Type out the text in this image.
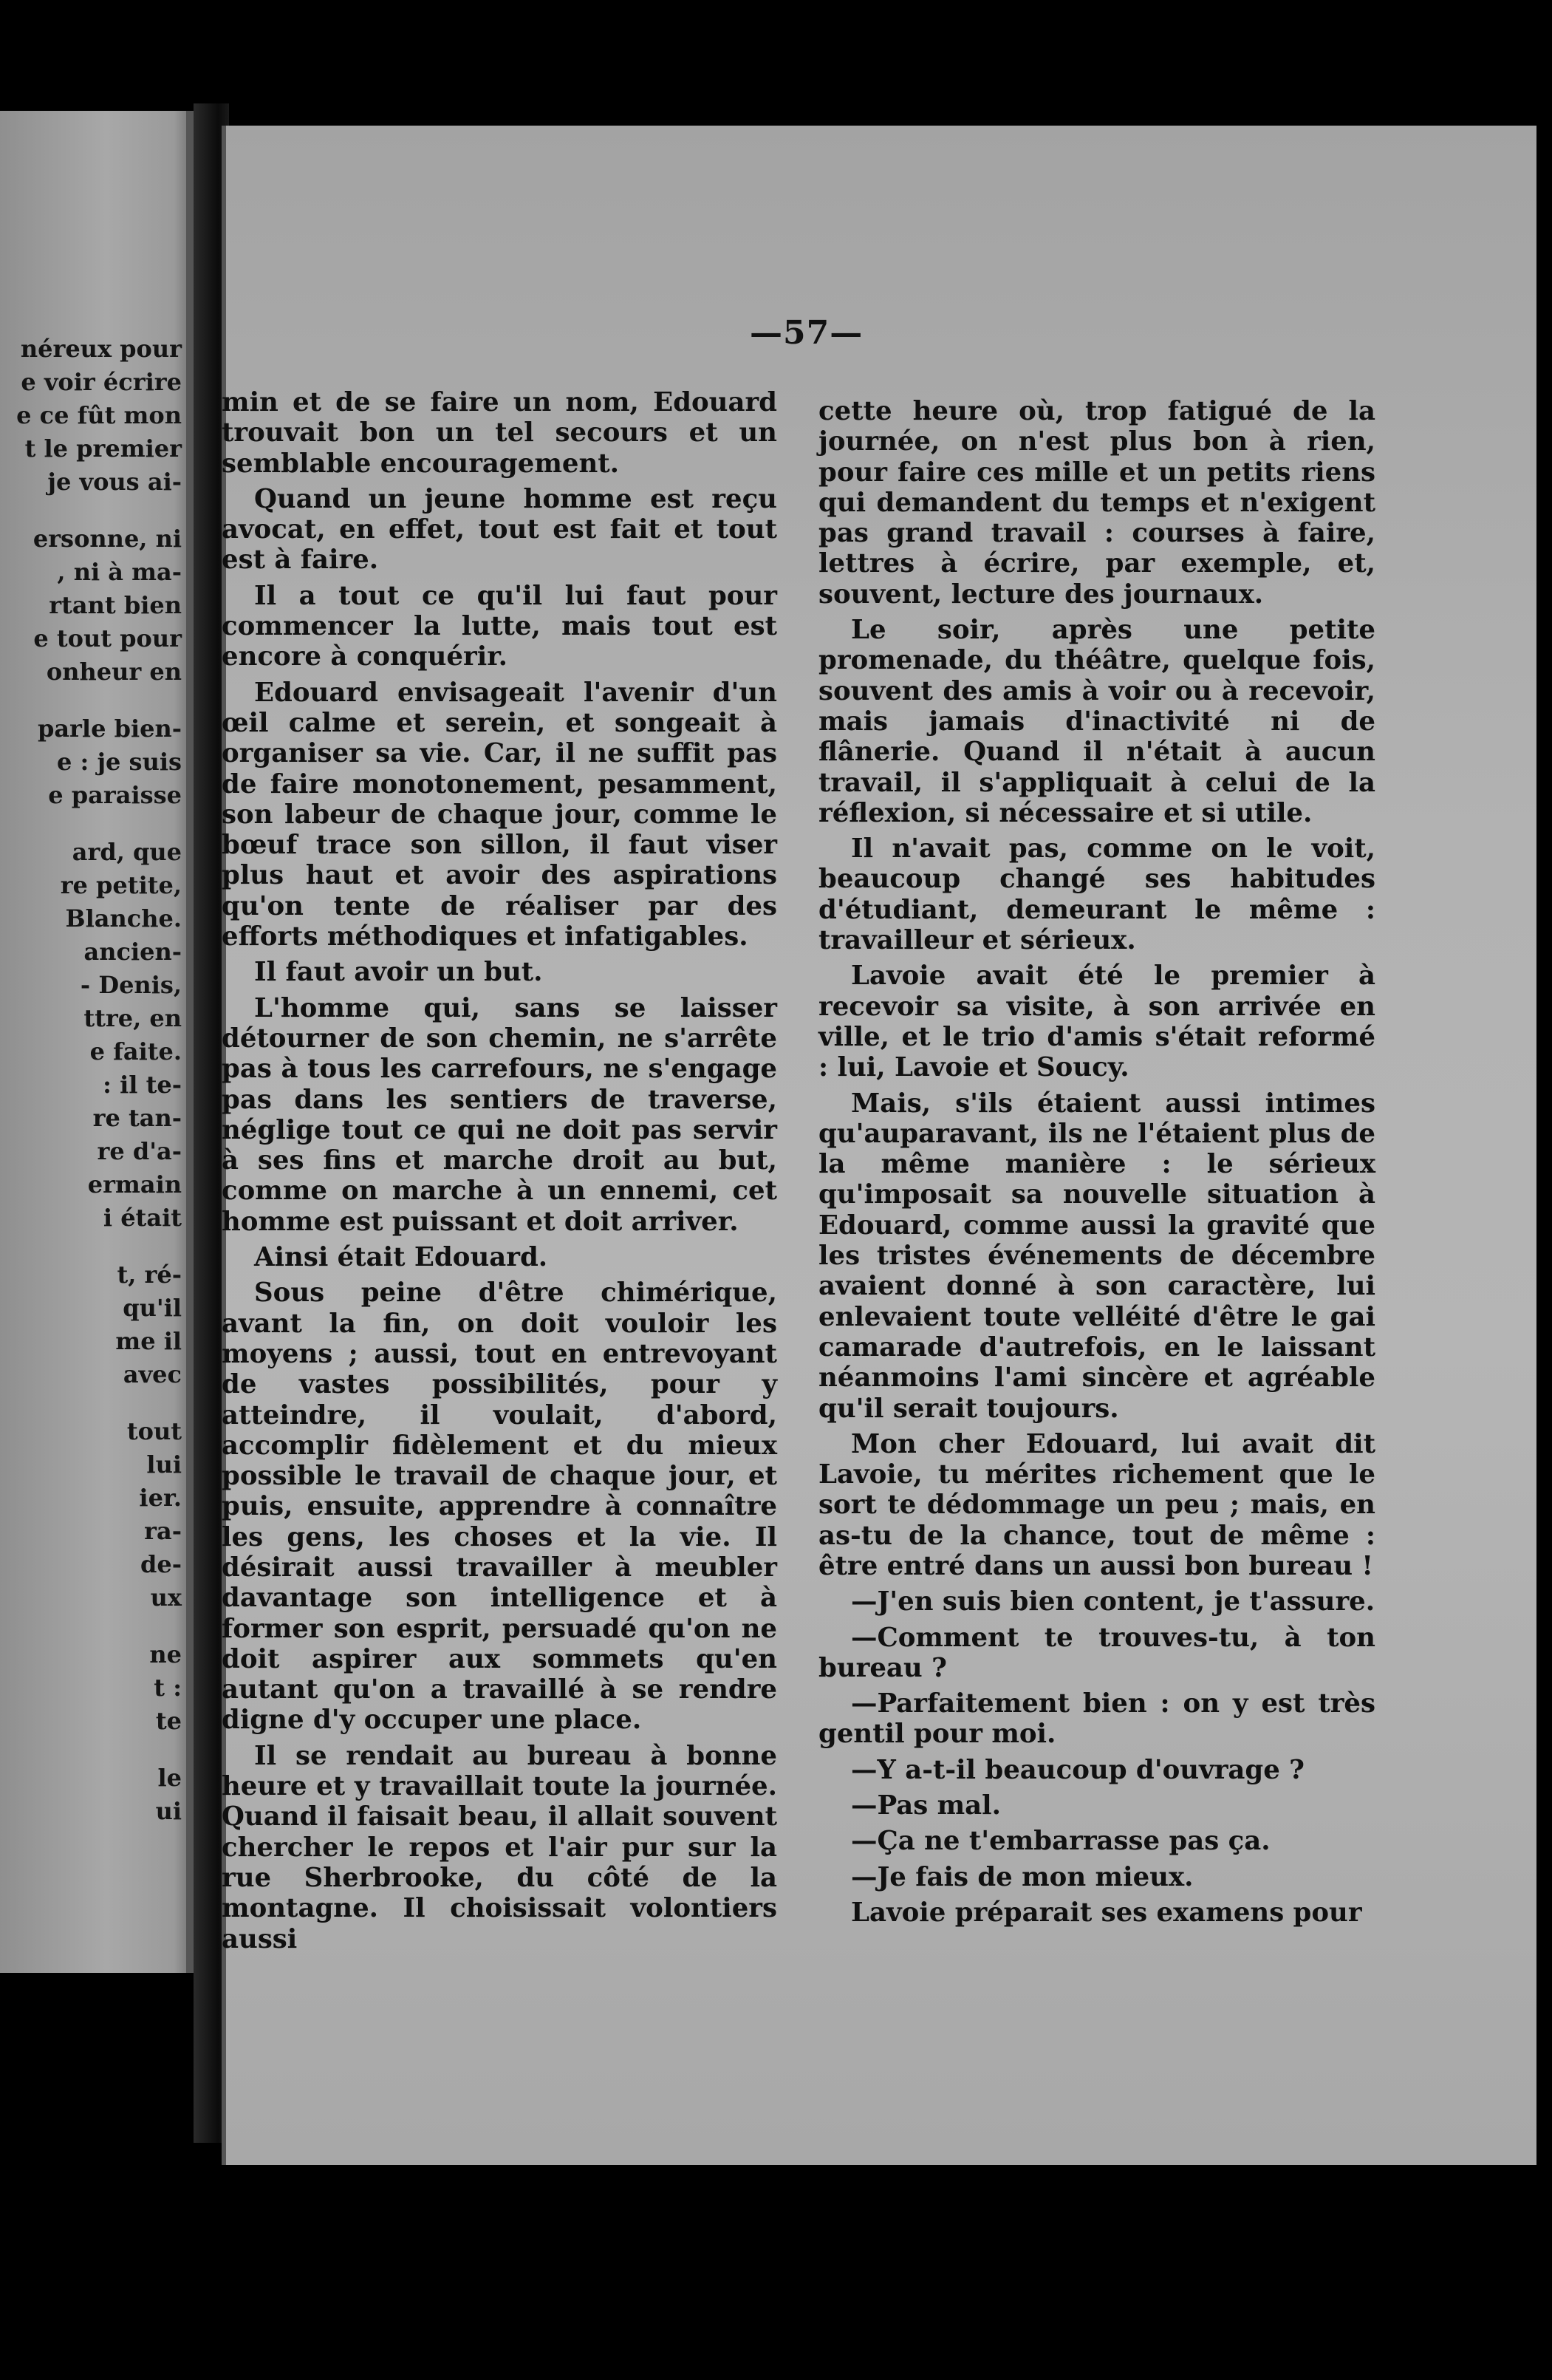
néreux pour
e voir écrire
e ce fût mon
t le premier
je vous ai-
ersonne, ni
, ni à ma-
rtant bien
e tout pour
onheur en
parle bien-
e : je suis
e paraisse
ard, que
re petite,
Blanche.
ancien-
- Denis,
ttre, en
e faite.
: il te-
re tan-
re d'a-
ermain
i était
t, ré-
qu'il
me il
avec
tout
lui
ier.
ra-
de-
ux
ne
t :
te
le
ui
—57—

min et de se faire un nom, Edouard trouvait bon un tel secours et un semblable encouragement.

Quand un jeune homme est reçu avocat, en effet, tout est fait et tout est à faire.

Il a tout ce qu'il lui faut pour commencer la lutte, mais tout est encore à conquérir.

Edouard envisageait l'avenir d'un œil calme et serein, et songeait à organiser sa vie. Car, il ne suffit pas de faire monotonement, pesamment, son labeur de chaque jour, comme le bœuf trace son sillon, il faut viser plus haut et avoir des aspirations qu'on tente de réaliser par des efforts méthodiques et infatigables.

Il faut avoir un but.

L'homme qui, sans se laisser détourner de son chemin, ne s'arrête pas à tous les carrefours, ne s'engage pas dans les sentiers de traverse, néglige tout ce qui ne doit pas servir à ses fins et marche droit au but, comme on marche à un ennemi, cet homme est puissant et doit arriver.

Ainsi était Edouard.

Sous peine d'être chimérique, avant la fin, on doit vouloir les moyens ; aussi, tout en entrevoyant de vastes possibilités, pour y atteindre, il voulait, d'abord, accomplir fidèlement et du mieux possible le travail de chaque jour, et puis, ensuite, apprendre à connaître les gens, les choses et la vie. Il désirait aussi travailler à meubler davantage son intelligence et à former son esprit, persuadé qu'on ne doit aspirer aux sommets qu'en autant qu'on a travaillé à se rendre digne d'y occuper une place.

Il se rendait au bureau à bonne heure et y travaillait toute la journée. Quand il faisait beau, il allait souvent chercher le repos et l'air pur sur la rue Sherbrooke, du côté de la montagne. Il choisissait volontiers aussi

cette heure où, trop fatigué de la journée, on n'est plus bon à rien, pour faire ces mille et un petits riens qui demandent du temps et n'exigent pas grand travail : courses à faire, lettres à écrire, par exemple, et, souvent, lecture des journaux.

Le soir, après une petite promenade, du théâtre, quelque fois, souvent des amis à voir ou à recevoir, mais jamais d'inactivité ni de flânerie. Quand il n'était à aucun travail, il s'appliquait à celui de la réflexion, si nécessaire et si utile.

Il n'avait pas, comme on le voit, beaucoup changé ses habitudes d'étudiant, demeurant le même : travailleur et sérieux.

Lavoie avait été le premier à recevoir sa visite, à son arrivée en ville, et le trio d'amis s'était reformé : lui, Lavoie et Soucy.

Mais, s'ils étaient aussi intimes qu'auparavant, ils ne l'étaient plus de la même manière : le sérieux qu'imposait sa nouvelle situation à Edouard, comme aussi la gravité que les tristes événements de décembre avaient donné à son caractère, lui enlevaient toute velléité d'être le gai camarade d'autrefois, en le laissant néanmoins l'ami sincère et agréable qu'il serait toujours.

Mon cher Edouard, lui avait dit Lavoie, tu mérites richement que le sort te dédommage un peu ; mais, en as-tu de la chance, tout de même : être entré dans un aussi bon bureau !

—J'en suis bien content, je t'assure.

—Comment te trouves-tu, à ton bureau ?

—Parfaitement bien : on y est très gentil pour moi.

—Y a-t-il beaucoup d'ouvrage ?

—Pas mal.

—Ça ne t'embarrasse pas ça.

—Je fais de mon mieux.

Lavoie préparait ses examens pour
